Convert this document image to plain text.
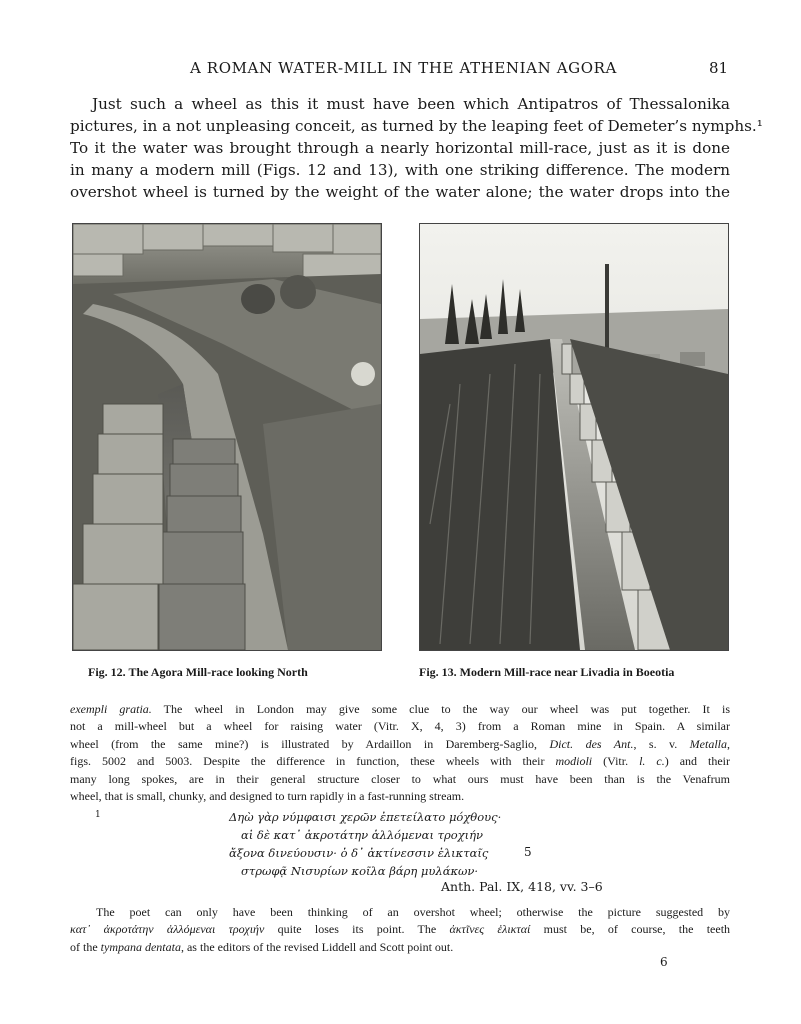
A ROMAN WATER-MILL IN THE ATHENIAN AGORA	81
Just such a wheel as this it must have been which Antipatros of Thessalonika
pictures, in a not unpleasing conceit, as turned by the leaping feet of Demeter’s nymphs.¹
To it the water was brought through a nearly horizontal mill-race, just as it is done
in many a modern mill (Figs. 12 and 13), with one striking difference. The modern
overshot wheel is turned by the weight of the water alone; the water drops into the
Fig. 12. The Agora Mill-race looking North	Fig. 13. Modern Mill-race near Livadia in Boeotia
exempli gratia. The wheel in London may give some clue to the way our wheel was put together. It is
not a mill-wheel but a wheel for raising water (Vitr. X, 4, 3) from a Roman mine in Spain. A similar
wheel (from the same mine?) is illustrated by Ardaillon in Daremberg-Saglio, Dict. des Ant., s. v. Metalla,
figs. 5002 and 5003. Despite the difference in function, these wheels with their modioli (Vitr. l. c.) and their
many long spokes, are in their general structure closer to what ours must have been than is the Venafrum
wheel, that is small, chunky, and designed to turn rapidly in a fast-running stream.
1	Δηὼ γὰρ νύμφαισι χερῶν ἐπετείλατο μόχθους·
αἱ δὲ κατ᾽ ἀκροτάτην ἁλλόμεναι τροχιήν
ἄξονα δινεύουσιν· ὁ δ᾽ ἀκτίνεσσιν ἑλικταῖς	5
στρωφᾷ Νισυρίων κοῖλα βάρη μυλάκων·
Anth. Pal. IX, 418, vv. 3–6
The poet can only have been thinking of an overshot wheel; otherwise the picture suggested by
κατ᾽ ἀκροτάτην ἁλλόμεναι τροχιήν quite loses its point. The ἀκτῖνες ἑλικταί must be, of course, the teeth
of the tympana dentata, as the editors of the revised Liddell and Scott point out.
6
